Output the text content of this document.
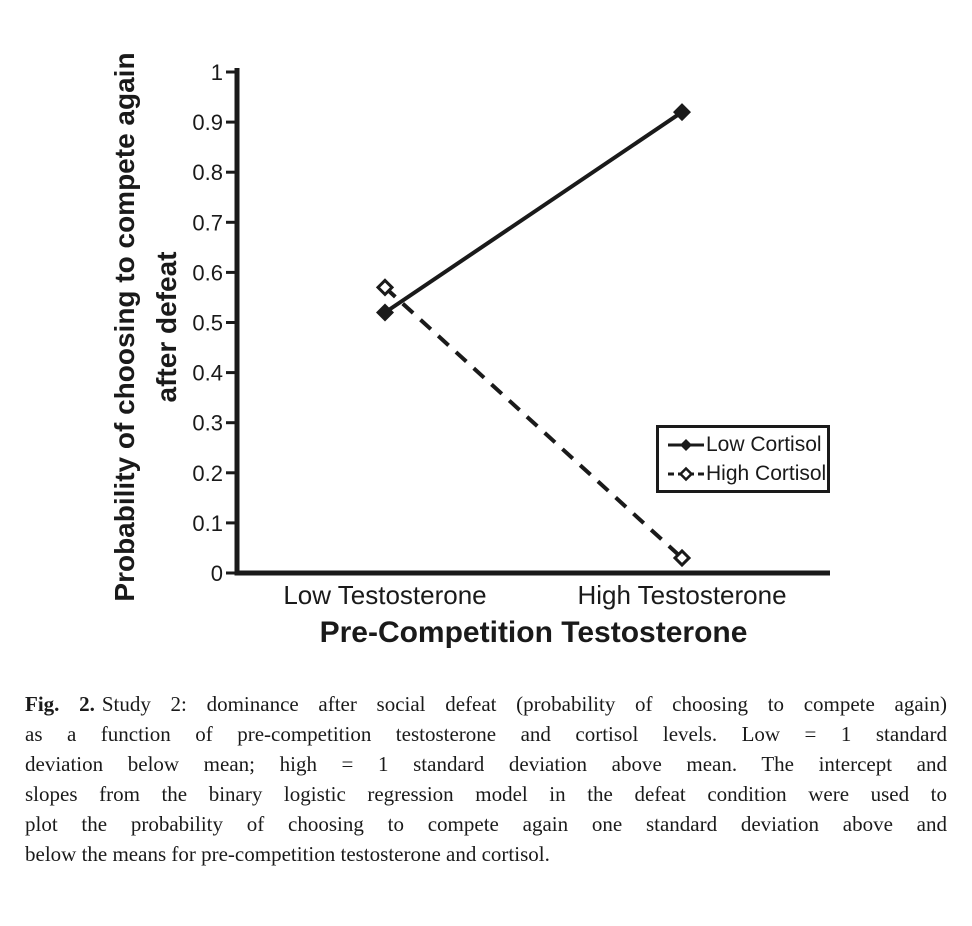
0
0.1
0.2
0.3
0.4
0.5
0.6
0.7
0.8
0.9
1
Probability of choosing to compete again after defeat
Low Testosterone	High Testosterone
Pre-Competition Testosterone
Low Cortisol
High Cortisol
Fig. 2. Study 2: dominance after social defeat (probability of choosing to compete again)
as a function of pre-competition testosterone and cortisol levels. Low = 1 standard
deviation below mean; high = 1 standard deviation above mean. The intercept and
slopes from the binary logistic regression model in the defeat condition were used to
plot the probability of choosing to compete again one standard deviation above and
below the means for pre-competition testosterone and cortisol.
